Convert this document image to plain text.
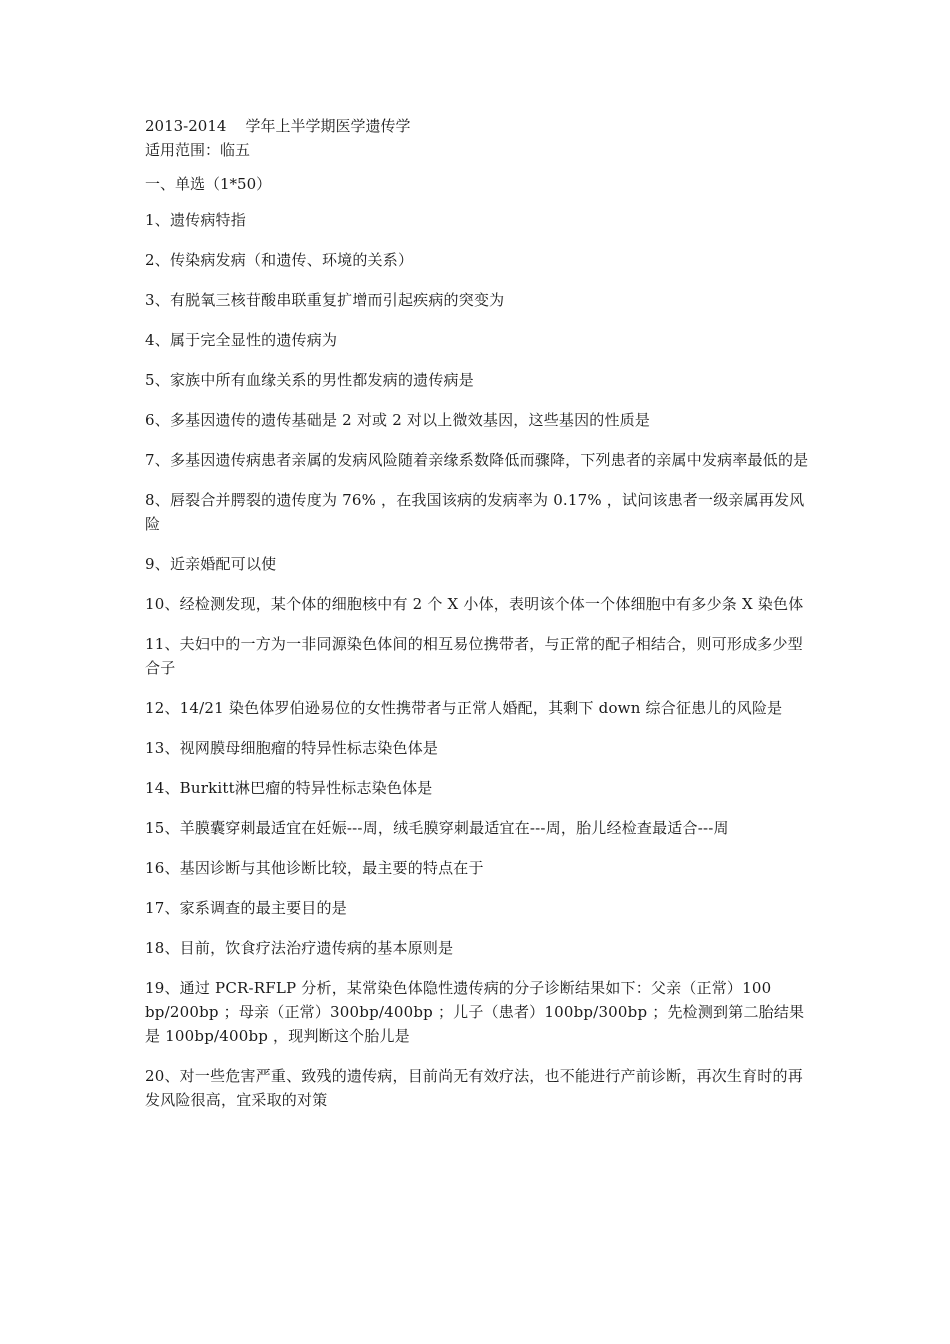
2013-2014    学年上半学期医学遗传学
适用范围：临五
一、单选（1*50）
1、遗传病特指
2、传染病发病（和遗传、环境的关系）
3、有脱氧三核苷酸串联重复扩增而引起疾病的突变为
4、属于完全显性的遗传病为
5、家族中所有血缘关系的男性都发病的遗传病是
6、多基因遗传的遗传基础是 2 对或 2 对以上微效基因，这些基因的性质是
7、多基因遗传病患者亲属的发病风险随着亲缘系数降低而骤降，下列患者的亲属中发病率最低的是
8、唇裂合并腭裂的遗传度为 76% ，在我国该病的发病率为 0.17% ，试问该患者一级亲属再发风险
9、近亲婚配可以使
10、经检测发现，某个体的细胞核中有 2 个 X 小体，表明该个体一个体细胞中有多少条 X 染色体
11、夫妇中的一方为一非同源染色体间的相互易位携带者，与正常的配子相结合，则可形成多少型合子
12、14/21 染色体罗伯逊易位的女性携带者与正常人婚配，其剩下 down 综合征患儿的风险是
13、视网膜母细胞瘤的特异性标志染色体是
14、Burkitt淋巴瘤的特异性标志染色体是
15、羊膜囊穿刺最适宜在妊娠---周，绒毛膜穿刺最适宜在---周，胎儿经检查最适合---周
16、基因诊断与其他诊断比较，最主要的特点在于
17、家系调查的最主要目的是
18、目前，饮食疗法治疗遗传病的基本原则是
19、通过 PCR-RFLP 分析，某常染色体隐性遗传病的分子诊断结果如下：父亲（正常）100 bp/200bp ；母亲（正常）300bp/400bp ；儿子（患者）100bp/300bp ；先检测到第二胎结果是 100bp/400bp ，现判断这个胎儿是
20、对一些危害严重、致残的遗传病，目前尚无有效疗法，也不能进行产前诊断，再次生育时的再发风险很高，宜采取的对策
